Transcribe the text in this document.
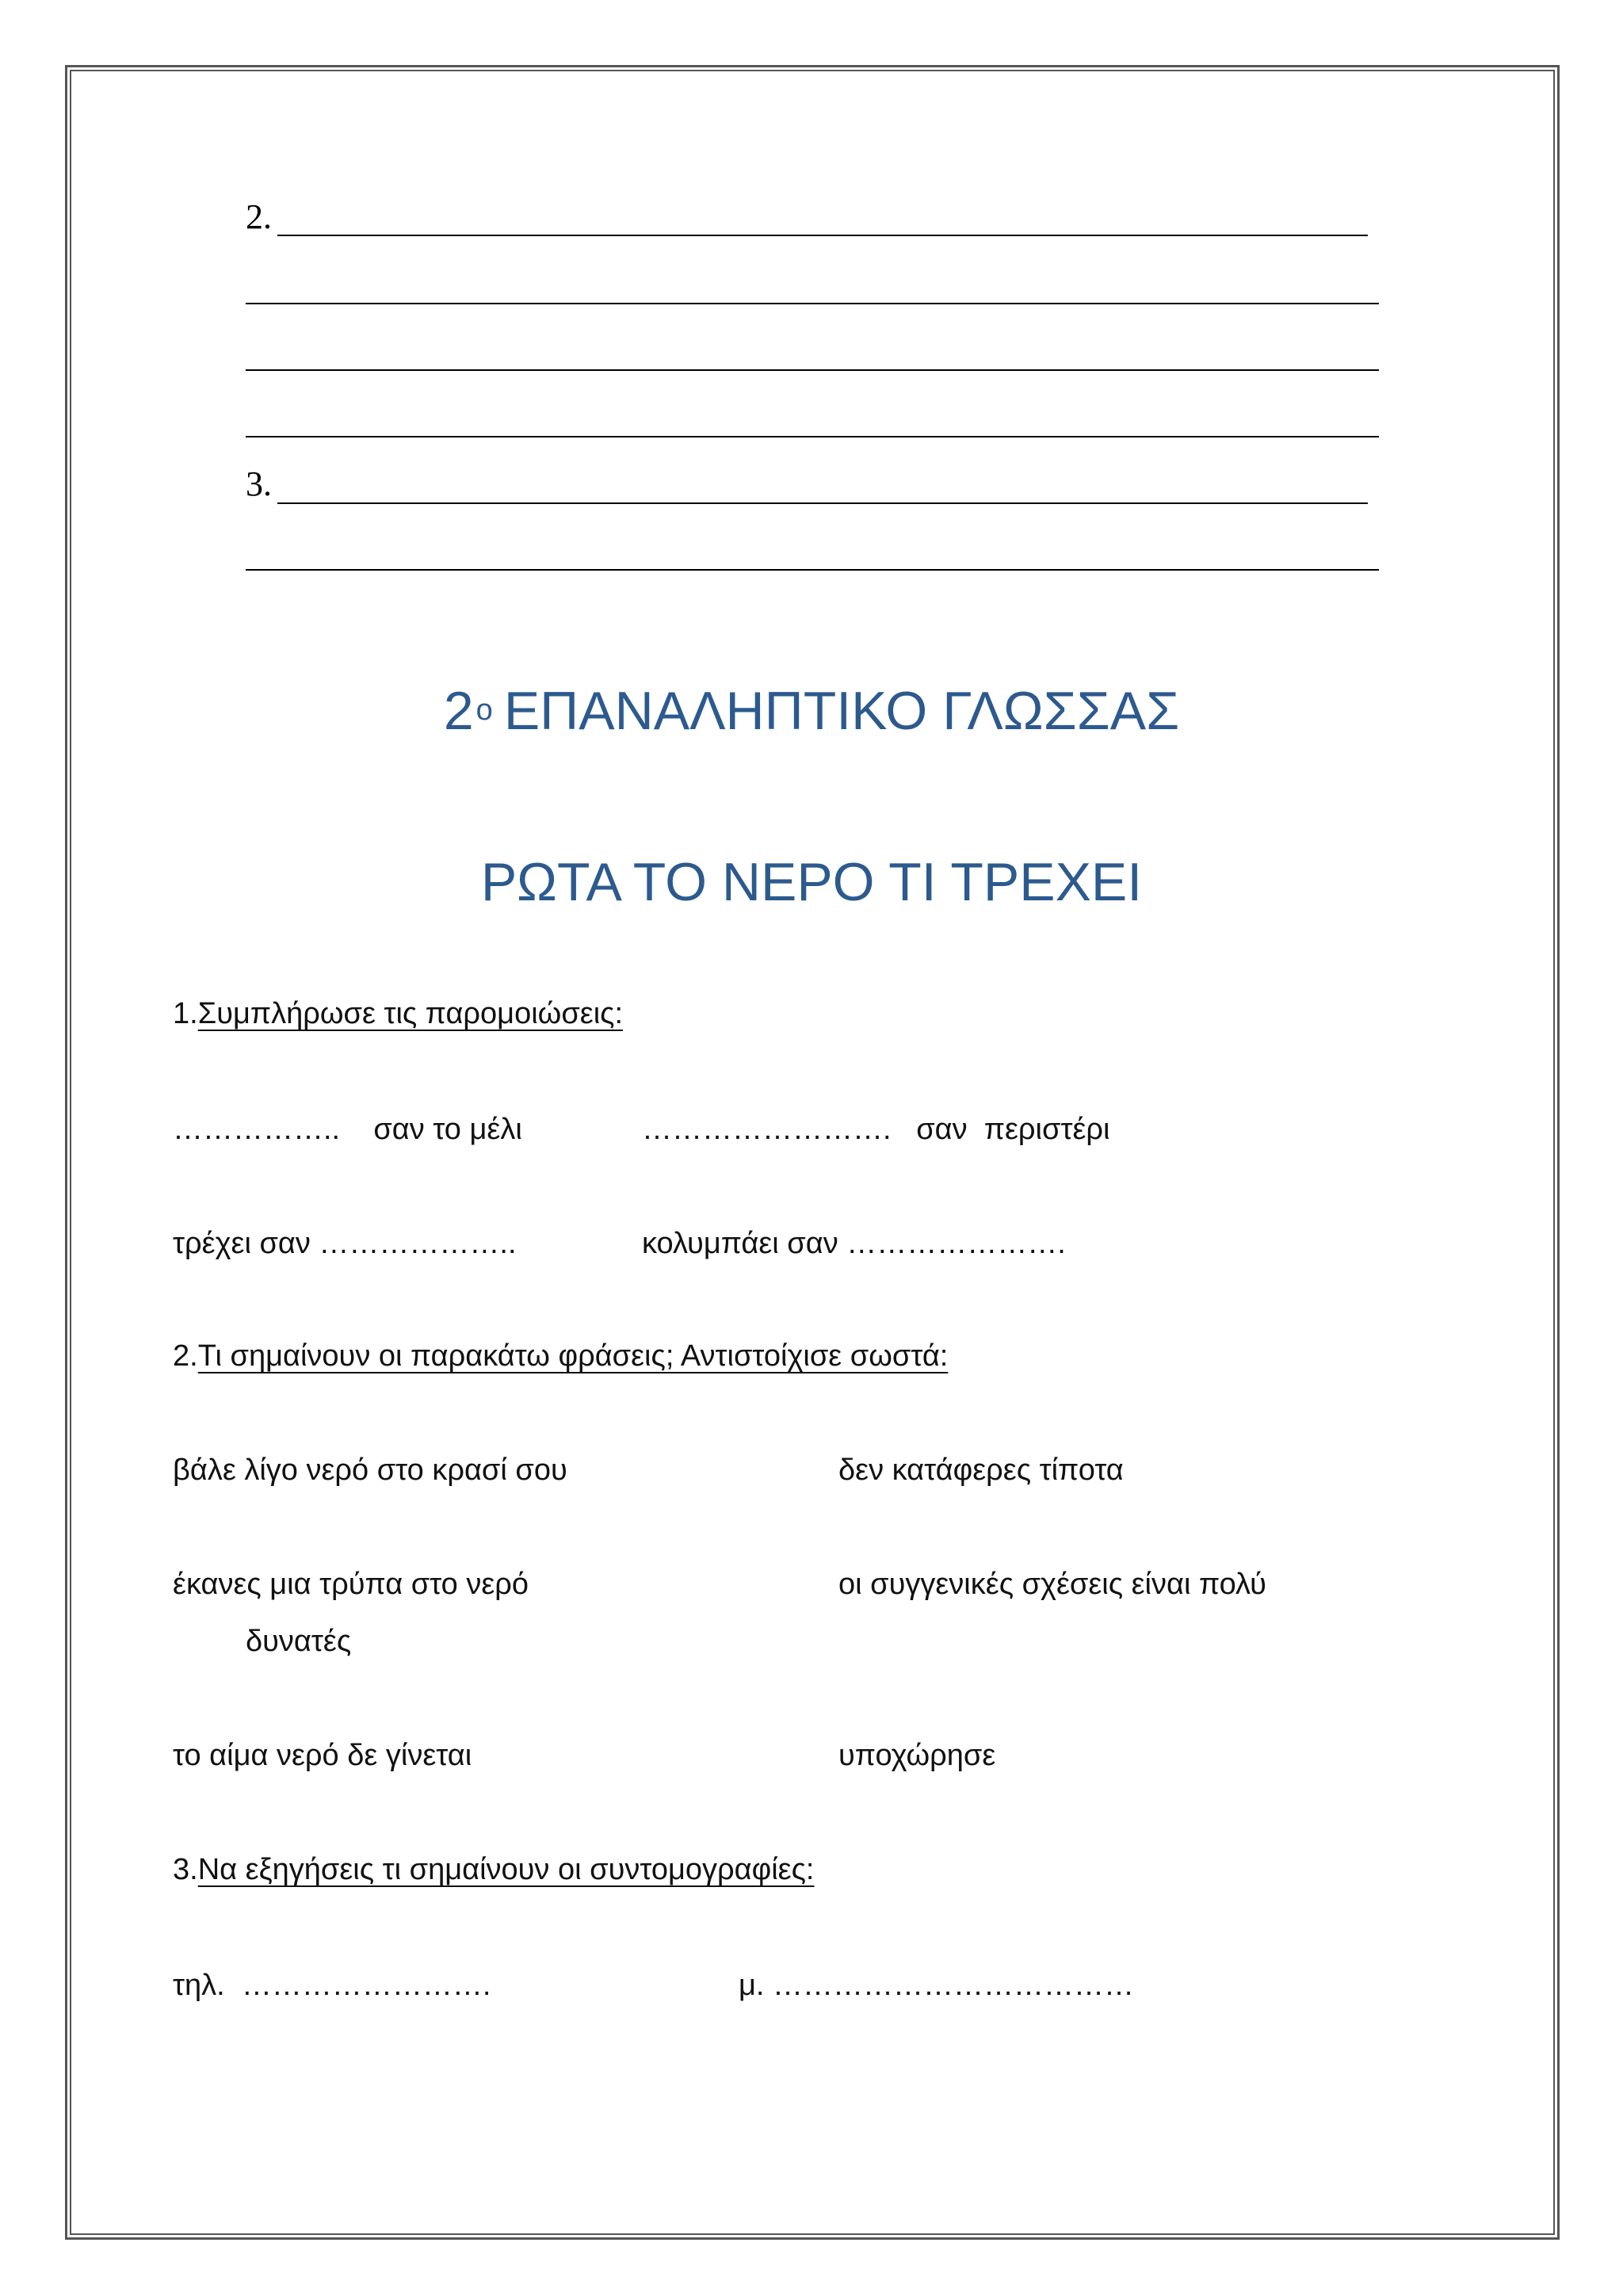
2.
3.
$2^o$ ΕΠΑΝΑΛΗΠΤΙΚΟ ΓΛΩΣΣΑΣ
ΡΩΤΑ ΤΟ ΝΕΡΟ ΤΙ ΤΡΕΧΕΙ
1.Συμπλήρωσε τις παρομοιώσεις:
……………..    σαν το μέλι	…………………….   σαν  περιστέρι
τρέχει σαν ………………..	κολυμπάει σαν ………………….
2.Τι σημαίνουν οι παρακάτω φράσεις; Αντιστοίχισε σωστά:
βάλε λίγο νερό στο κρασί σου	δεν κατάφερες τίποτα
έκανες μια τρύπα στο νερό	οι συγγενικές σχέσεις είναι πολύ
δυνατές
το αίμα νερό δε γίνεται	υποχώρησε
3.Να εξηγήσεις τι σημαίνουν οι συντομογραφίες:
τηλ.  …………………….	μ. ………………………………
